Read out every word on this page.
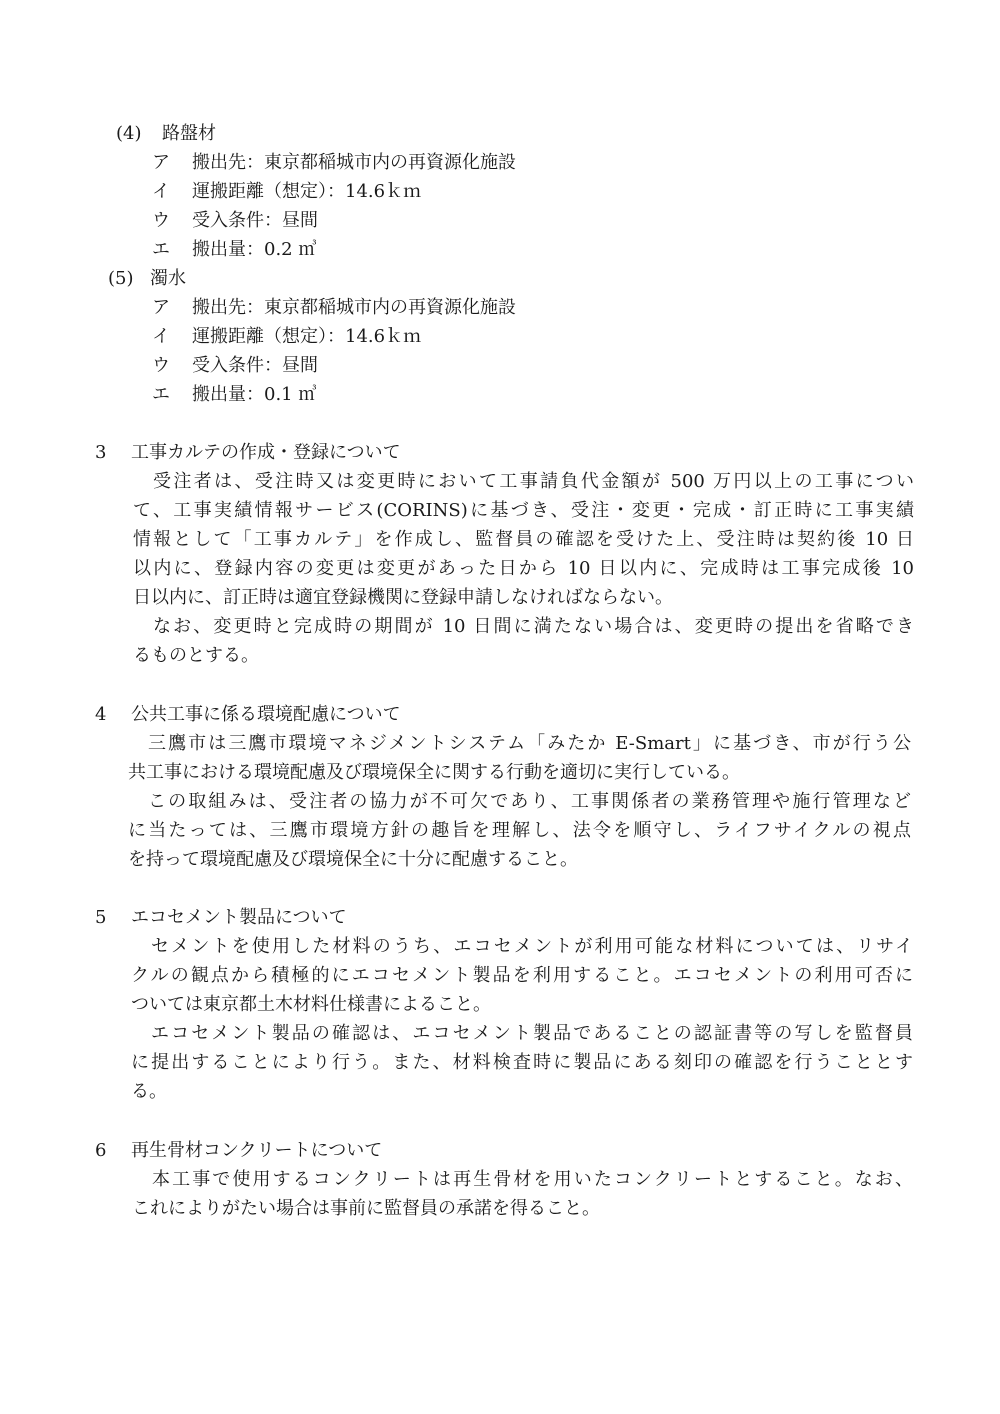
(4) 路盤材

ア 搬出先：東京都稲城市内の再資源化施設

イ 運搬距離（想定）：14.6ｋｍ

ウ 受入条件：昼間

エ 搬出量：0.2 ㎥

(5) 濁水

ア 搬出先：東京都稲城市内の再資源化施設

イ 運搬距離（想定）：14.6ｋｍ

ウ 受入条件：昼間

エ 搬出量：0.1 ㎥

3 工事カルテの作成・登録について

受注者は、受注時又は変更時において工事請負代金額が 500 万円以上の工事につい

て、工事実績情報サービス(CORINS)に基づき、受注・変更・完成・訂正時に工事実績

情報として「工事カルテ」を作成し、監督員の確認を受けた上、受注時は契約後 10 日

以内に、登録内容の変更は変更があった日から 10 日以内に、完成時は工事完成後 10

日以内に、訂正時は適宜登録機関に登録申請しなければならない。

なお、変更時と完成時の期間が 10 日間に満たない場合は、変更時の提出を省略でき

るものとする。

4 公共工事に係る環境配慮について

三鷹市は三鷹市環境マネジメントシステム「みたか E-Smart」に基づき、市が行う公

共工事における環境配慮及び環境保全に関する行動を適切に実行している。

この取組みは、受注者の協力が不可欠であり、工事関係者の業務管理や施行管理など

に当たっては、三鷹市環境方針の趣旨を理解し、法令を順守し、ライフサイクルの視点

を持って環境配慮及び環境保全に十分に配慮すること。

5 エコセメント製品について

セメントを使用した材料のうち、エコセメントが利用可能な材料については、リサイ

クルの観点から積極的にエコセメント製品を利用すること。エコセメントの利用可否に

ついては東京都土木材料仕様書によること。

エコセメント製品の確認は、エコセメント製品であることの認証書等の写しを監督員

に提出することにより行う。また、材料検査時に製品にある刻印の確認を行うこととす

る。

6 再生骨材コンクリートについて

本工事で使用するコンクリートは再生骨材を用いたコンクリートとすること。なお、

これによりがたい場合は事前に監督員の承諾を得ること。
